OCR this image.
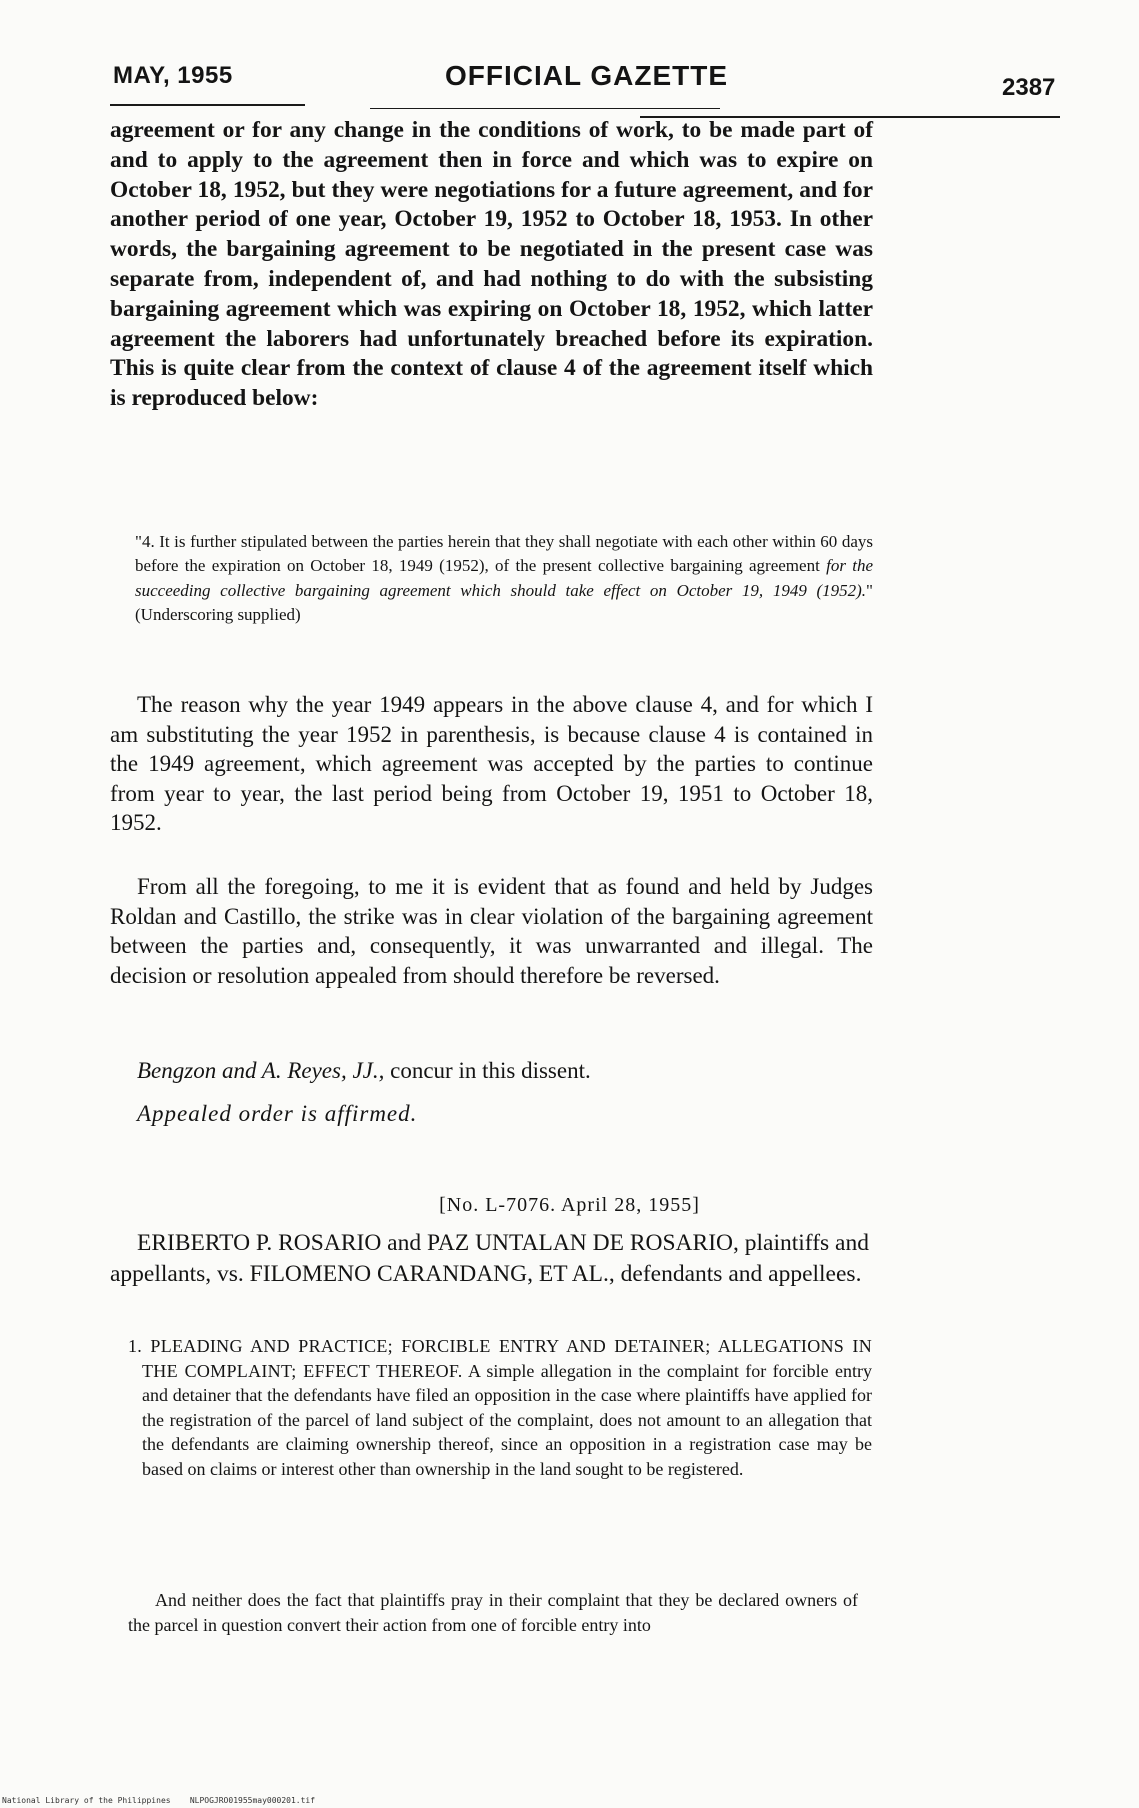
MAY, 1955	OFFICIAL GAZETTE	2387

agreement or for any change in the conditions of work, to be made part of and to apply to the agreement then in force and which was to expire on October 18, 1952, but they were negotiations for a future agreement, and for another period of one year, October 19, 1952 to October 18, 1953. In other words, the bargaining agreement to be negotiated in the present case was separate from, independent of, and had nothing to do with the subsisting bargaining agreement which was expiring on October 18, 1952, which latter agreement the laborers had unfortunately breached before its expiration. This is quite clear from the context of clause 4 of the agreement itself which is reproduced below:

"4. It is further stipulated between the parties herein that they shall negotiate with each other within 60 days before the expiration on October 18, 1949 (1952), of the present collective bargaining agreement for the succeeding collective bargaining agreement which should take effect on October 19, 1949 (1952)." (Underscoring supplied)

The reason why the year 1949 appears in the above clause 4, and for which I am substituting the year 1952 in parenthesis, is because clause 4 is contained in the 1949 agreement, which agreement was accepted by the parties to continue from year to year, the last period being from October 19, 1951 to October 18, 1952.

From all the foregoing, to me it is evident that as found and held by Judges Roldan and Castillo, the strike was in clear violation of the bargaining agreement between the parties and, consequently, it was unwarranted and illegal. The decision or resolution appealed from should therefore be reversed.

Bengzon and A. Reyes, JJ., concur in this dissent.

Appealed order is affirmed.

[No. L-7076. April 28, 1955]

ERIBERTO P. ROSARIO and PAZ UNTALAN DE ROSARIO, plaintiffs and appellants, vs. FILOMENO CARANDANG, ET AL., defendants and appellees.

1. PLEADING AND PRACTICE; FORCIBLE ENTRY AND DETAINER; ALLEGATIONS IN THE COMPLAINT; EFFECT THEREOF. A simple allegation in the complaint for forcible entry and detainer that the defendants have filed an opposition in the case where plaintiffs have applied for the registration of the parcel of land subject of the complaint, does not amount to an allegation that the defendants are claiming ownership thereof, since an opposition in a registration case may be based on claims or interest other than ownership in the land sought to be registered.

And neither does the fact that plaintiffs pray in their complaint that they be declared owners of the parcel in question convert their action from one of forcible entry into

National Library of the Philippines    NLPOGJRO01955may000201.tif
